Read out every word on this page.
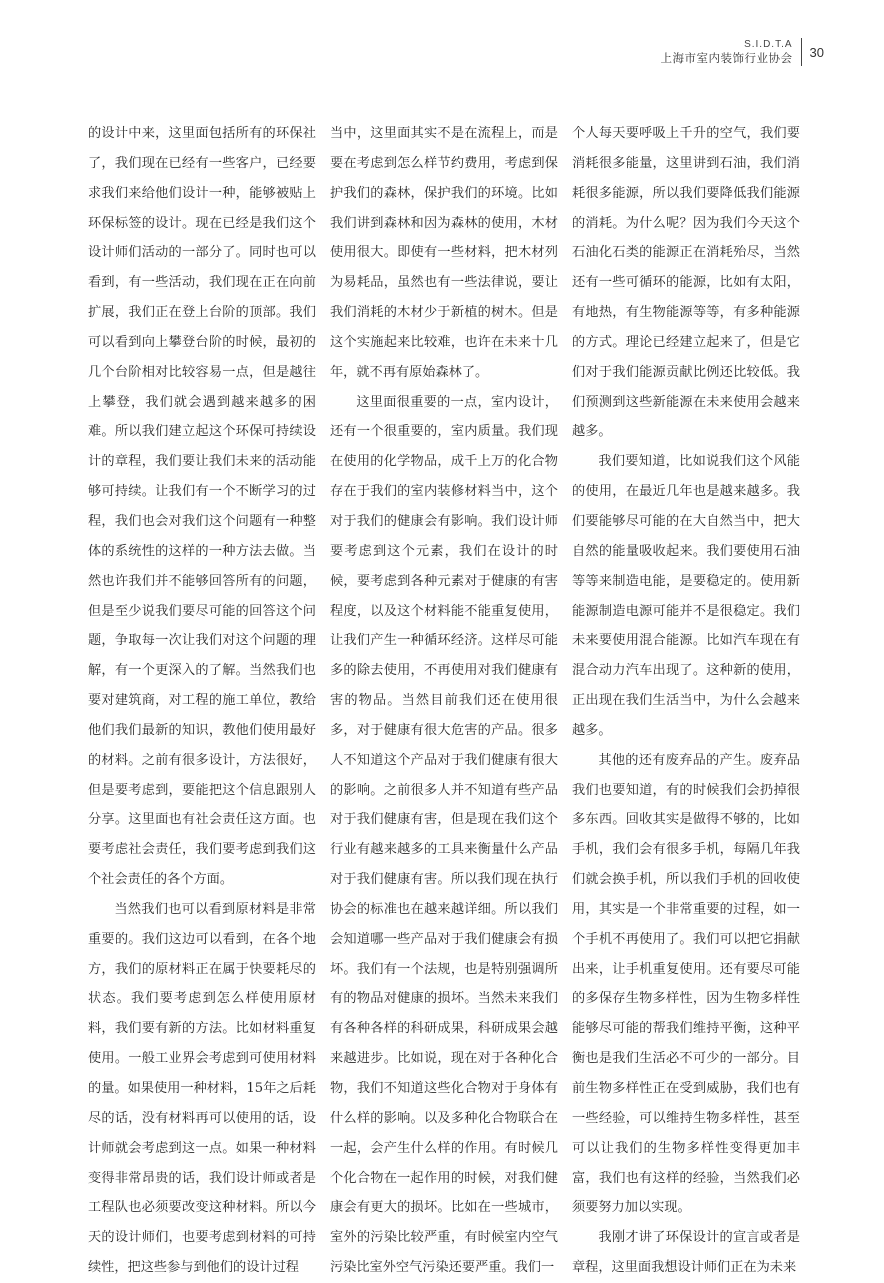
S.I.D.T.A
上海市室内装饰行业协会 30

的设计中来，这里面包括所有的环保社了，我们现在已经有一些客户，已经要求我们来给他们设计一种，能够被贴上环保标签的设计。现在已经是我们这个设计师们活动的一部分了。同时也可以看到，有一些活动，我们现在正在向前扩展，我们正在登上台阶的顶部。我们可以看到向上攀登台阶的时候，最初的几个台阶相对比较容易一点，但是越往上攀登，我们就会遇到越来越多的困难。所以我们建立起这个环保可持续设计的章程，我们要让我们未来的活动能够可持续。让我们有一个不断学习的过程，我们也会对我们这个问题有一种整体的系统性的这样的一种方法去做。当然也许我们并不能够回答所有的问题，但是至少说我们要尽可能的回答这个问题，争取每一次让我们对这个问题的理解，有一个更深入的了解。当然我们也要对建筑商，对工程的施工单位，教给他们我们最新的知识，教他们使用最好的材料。之前有很多设计，方法很好，但是要考虑到，要能把这个信息跟别人分享。这里面也有社会责任这方面。也要考虑社会责任，我们要考虑到我们这个社会责任的各个方面。

当然我们也可以看到原材料是非常重要的。我们这边可以看到，在各个地方，我们的原材料正在属于快要耗尽的状态。我们要考虑到怎么样使用原材料，我们要有新的方法。比如材料重复使用。一般工业界会考虑到可使用材料的量。如果使用一种材料，15年之后耗尽的话，没有材料再可以使用的话，设计师就会考虑到这一点。如果一种材料变得非常昂贵的话，我们设计师或者是工程队也必须要改变这种材料。所以今天的设计师们，也要考虑到材料的可持续性，把这些参与到他们的设计过程

当中，这里面其实不是在流程上，而是要在考虑到怎么样节约费用，考虑到保护我们的森林，保护我们的环境。比如我们讲到森林和因为森林的使用，木材使用很大。即使有一些材料，把木材列为易耗品，虽然也有一些法律说，要让我们消耗的木材少于新植的树木。但是这个实施起来比较难，也许在未来十几年，就不再有原始森林了。

这里面很重要的一点，室内设计，还有一个很重要的，室内质量。我们现在使用的化学物品，成千上万的化合物存在于我们的室内装修材料当中，这个对于我们的健康会有影响。我们设计师要考虑到这个元素，我们在设计的时候，要考虑到各种元素对于健康的有害程度，以及这个材料能不能重复使用，让我们产生一种循环经济。这样尽可能多的除去使用，不再使用对我们健康有害的物品。当然目前我们还在使用很多，对于健康有很大危害的产品。很多人不知道这个产品对于我们健康有很大的影响。之前很多人并不知道有些产品对于我们健康有害，但是现在我们这个行业有越来越多的工具来衡量什么产品对于我们健康有害。所以我们现在执行协会的标准也在越来越详细。所以我们会知道哪一些产品对于我们健康会有损坏。我们有一个法规，也是特别强调所有的物品对健康的损坏。当然未来我们有各种各样的科研成果，科研成果会越来越进步。比如说，现在对于各种化合物，我们不知道这些化合物对于身体有什么样的影响。以及多种化合物联合在一起，会产生什么样的作用。有时候几个化合物在一起作用的时候，对我们健康会有更大的损坏。比如在一些城市，室外的污染比较严重，有时候室内空气污染比室外空气污染还要严重。我们一

个人每天要呼吸上千升的空气，我们要消耗很多能量，这里讲到石油，我们消耗很多能源，所以我们要降低我们能源的消耗。为什么呢？因为我们今天这个石油化石类的能源正在消耗殆尽，当然还有一些可循环的能源，比如有太阳，有地热，有生物能源等等，有多种能源的方式。理论已经建立起来了，但是它们对于我们能源贡献比例还比较低。我们预测到这些新能源在未来使用会越来越多。

我们要知道，比如说我们这个风能的使用，在最近几年也是越来越多。我们要能够尽可能的在大自然当中，把大自然的能量吸收起来。我们要使用石油等等来制造电能，是要稳定的。使用新能源制造电源可能并不是很稳定。我们未来要使用混合能源。比如汽车现在有混合动力汽车出现了。这种新的使用，正出现在我们生活当中，为什么会越来越多。

其他的还有废弃品的产生。废弃品我们也要知道，有的时候我们会扔掉很多东西。回收其实是做得不够的，比如手机，我们会有很多手机，每隔几年我们就会换手机，所以我们手机的回收使用，其实是一个非常重要的过程，如一个手机不再使用了。我们可以把它捐献出来，让手机重复使用。还有要尽可能的多保存生物多样性，因为生物多样性能够尽可能的帮我们维持平衡，这种平衡也是我们生活必不可少的一部分。目前生物多样性正在受到威胁，我们也有一些经验，可以维持生物多样性，甚至可以让我们的生物多样性变得更加丰富，我们也有这样的经验，当然我们必须要努力加以实现。

我刚才讲了环保设计的宣言或者是章程，这里面我想设计师们正在为未来
